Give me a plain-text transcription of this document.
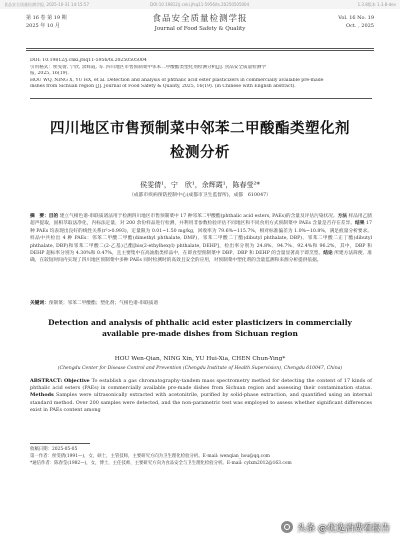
食品安全质量检测学报, 2025-10-31 14:15:57	DOI:10.19812/j.cnki.jfsq11-5956/ts.20250505004	1.3.8版本 1.3.8-dev
第 16 卷 第 19 期
2025 年 10 月
食品安全质量检测学报
Journal of Food Safety & Quality
Vol. 16 No. 19
Oct. , 2025
DOI: 10.19812/j.cnki.jfsq11-5956/ts.20250505004
引用格式：侯雯倩, 宁欣, 余辉霞, 等. 四川地区市售预制菜中邻苯二甲酸酯类塑化剂检测分析[J]. 食品安全质量检测学
报, 2025, 16(19).
HOU WQ, NING X, YU HX, et al. Detection and analysis of phthalic acid ester plasticizers in commercially available pre-made
dishes from Sichuan region [J]. Journal of Food Safety & Quality, 2025, 16(19). (in Chinese with English abstract).
四川地区市售预制菜中邻苯二甲酸酯类塑化剂
检测分析
侯雯倩¹，宁　欣¹，余辉霞¹，陈春莹²*
（成都市疾病预防控制中心(成都市卫生监督所)，成都　610047）
摘　要：目的 建立气相色谱-串联质谱法用于检测四川地区市售预制菜中 17 种邻苯二甲酸酯(phthalic acid esters, PAEs)的含量及评估污染状况。方法 样品用乙腈超声提取，固相萃取法净化，内标法定量，对 200 余份样品进行检测，并利用非参数检验评估不同地区和不同食用方式预制菜中 PAEs 含量是否存在差异。结果 17 种 PAEs 均表现出良好的线性关系(r²>0.993)，定量限为 0.01~1.50 mg/kg，回收率为 79.6%~115.7%，相对标准偏差为 1.0%~10.8%，满足痕量分析要求。样品中共检出 4 种 PAEs：邻苯二甲酸二甲酯(dimethyl phthalate, DMP)、邻苯二甲酸二丁酯(dibutyl phthalate, DBP)、邻苯二甲酸二正丁酯(dibutyl phthalate, DBP)和邻苯二甲酸二(2-乙基)己酯[bis(2-ethylhexyl) phthalate, DEHP]，检出率分别为 24.8%、94.7%、92.4%和 96.2%，其中，DBP 和 DEHP 超标率分别为 4.30%和 0.47%，且主要集中在高油脂类样品中，在即食型预制菜中 DBP、DBP 和 DEHP 的含量显著高于即烹型。结论 所建方法简便、准确，在较短时间内实现了四川地区预制菜中多种 PAEs 同时检测时的高效且安全的应用，对预制菜中塑化剂的含量监测和来源分析提供依据。
关键词：预制菜；邻苯二甲酸酯；塑化剂；气相色谱-串联质谱
Detection and analysis of phthalic acid ester plasticizers in commercially
available pre-made dishes from Sichuan region
HOU Wen-Qian, NING Xin, YU Hui-Xia, CHEN Chun-Ying*
(Chengdu Center for Disease Control and Prevention (Chengdu Institute of Health Supervision), Chengdu 610047, China)
ABSTRACT: Objective To establish a gas chromatography-tandem mass spectrometry method for detecting the content of 17 kinds of phthalic acid esters (PAEs) in commercially available pre-made dishes from Sichuan region and assessing their contamination status. Methods Samples were ultrasonically extracted with acetonitrile, purified by solid-phase extraction, and quantified using an internal standard method. Over 200 samples were detected, and the non-parametric test was employed to assess whether significant differences exist in PAEs content among
收稿日期：2025-05-05
第一作者：侯雯倩(1991—)，女，硕士，主管技师，主要研究方向为卫生理化检验分析。E-mail: wenqian_hou@qq.com
*通信作者：陈春莹(1982—)，女，博士，主任技师，主要研究方向为食品安全与卫生理化检验分析。E-mail: cylxm2012@163.com
头条 @优选消费看报告
